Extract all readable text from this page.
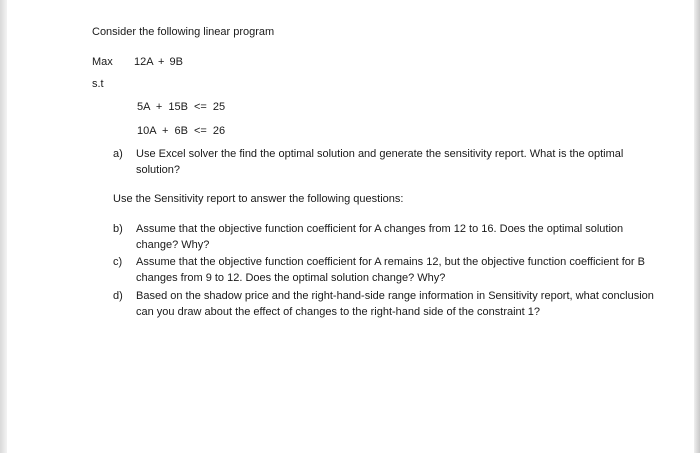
Consider the following linear program
Max 12A + 9B
s.t
5A + 15B <= 25
10A + 6B <= 26
a) Use Excel solver the find the optimal solution and generate the sensitivity report. What is the optimal solution?
Use the Sensitivity report to answer the following questions:
b) Assume that the objective function coefficient for A changes from 12 to 16. Does the optimal solution change? Why?
c) Assume that the objective function coefficient for A remains 12, but the objective function coefficient for B changes from 9 to 12. Does the optimal solution change? Why?
d) Based on the shadow price and the right-hand-side range information in Sensitivity report, what conclusion can you draw about the effect of changes to the right-hand side of the constraint 1?
